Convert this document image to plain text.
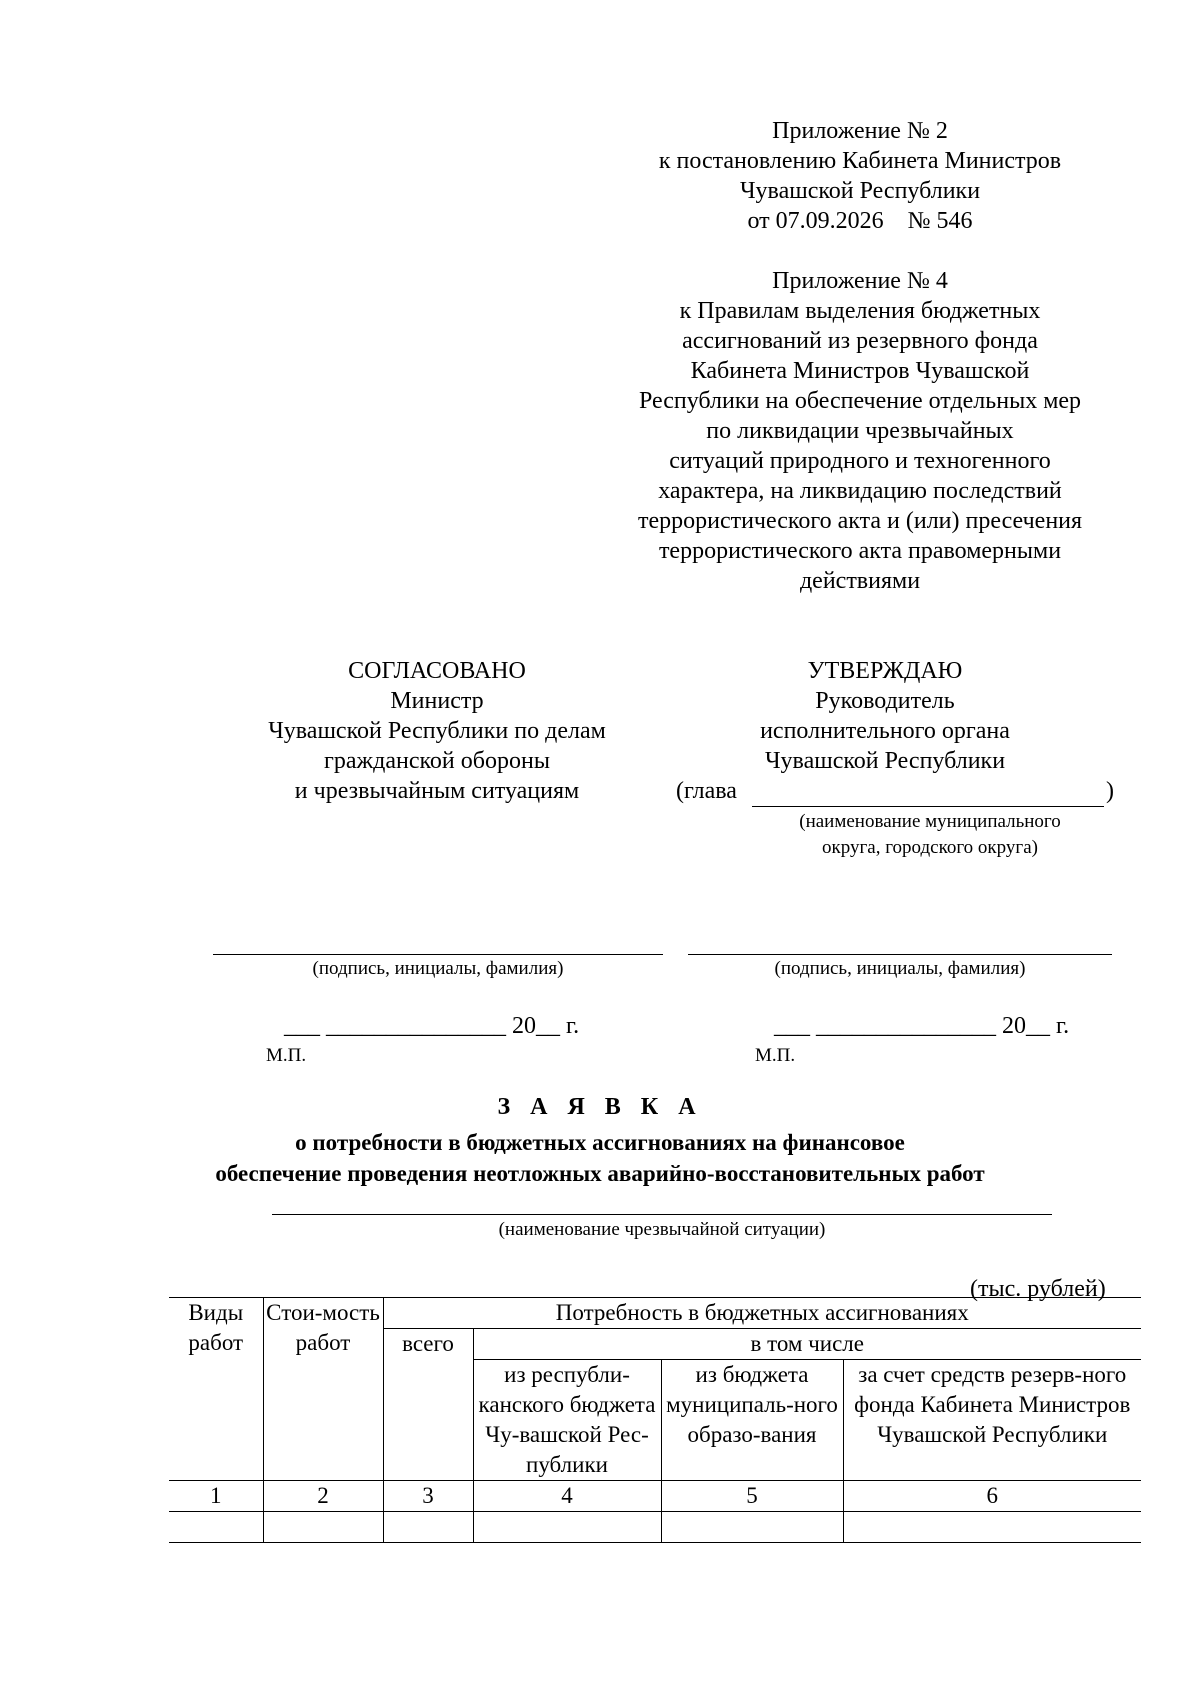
Приложение № 2
к постановлению Кабинета Министров
Чувашской Республики
от 07.09.2026    № 546
Приложение № 4
к Правилам выделения бюджетных
ассигнований из резервного фонда
Кабинета Министров Чувашской
Республики на обеспечение отдельных мер
по ликвидации чрезвычайных
ситуаций природного и техногенного
характера, на ликвидацию последствий
террористического акта и (или) пресечения
террористического акта правомерными
действиями
СОГЛАСОВАНО
Министр
Чувашской Республики по делам
гражданской обороны
и чрезвычайным ситуациям
УТВЕРЖДАЮ
Руководитель
исполнительного органа
Чувашской Республики
(глава	)
(наименование муниципального
округа, городского округа)
(подпись, инициалы, фамилия)	(подпись, инициалы, фамилия)
___ _______________ 20__ г.
М.П.
___ _______________ 20__ г.
М.П.
З А Я В К А
о потребности в бюджетных ассигнованиях на финансовое
обеспечение проведения неотложных аварийно-восстановительных работ
(наименование чрезвычайной ситуации)
(тыс. рублей)
Виды работ	Стои-мость работ	Потребность в бюджетных ассигнованиях			
		всего	в том числе		
			из республи-канского бюджета Чу-вашской Рес-публики	из бюджета муниципаль-ного образо-вания	за счет средств резерв-ного фонда Кабинета Министров Чувашской Республики
1	2	3	4	5	6
